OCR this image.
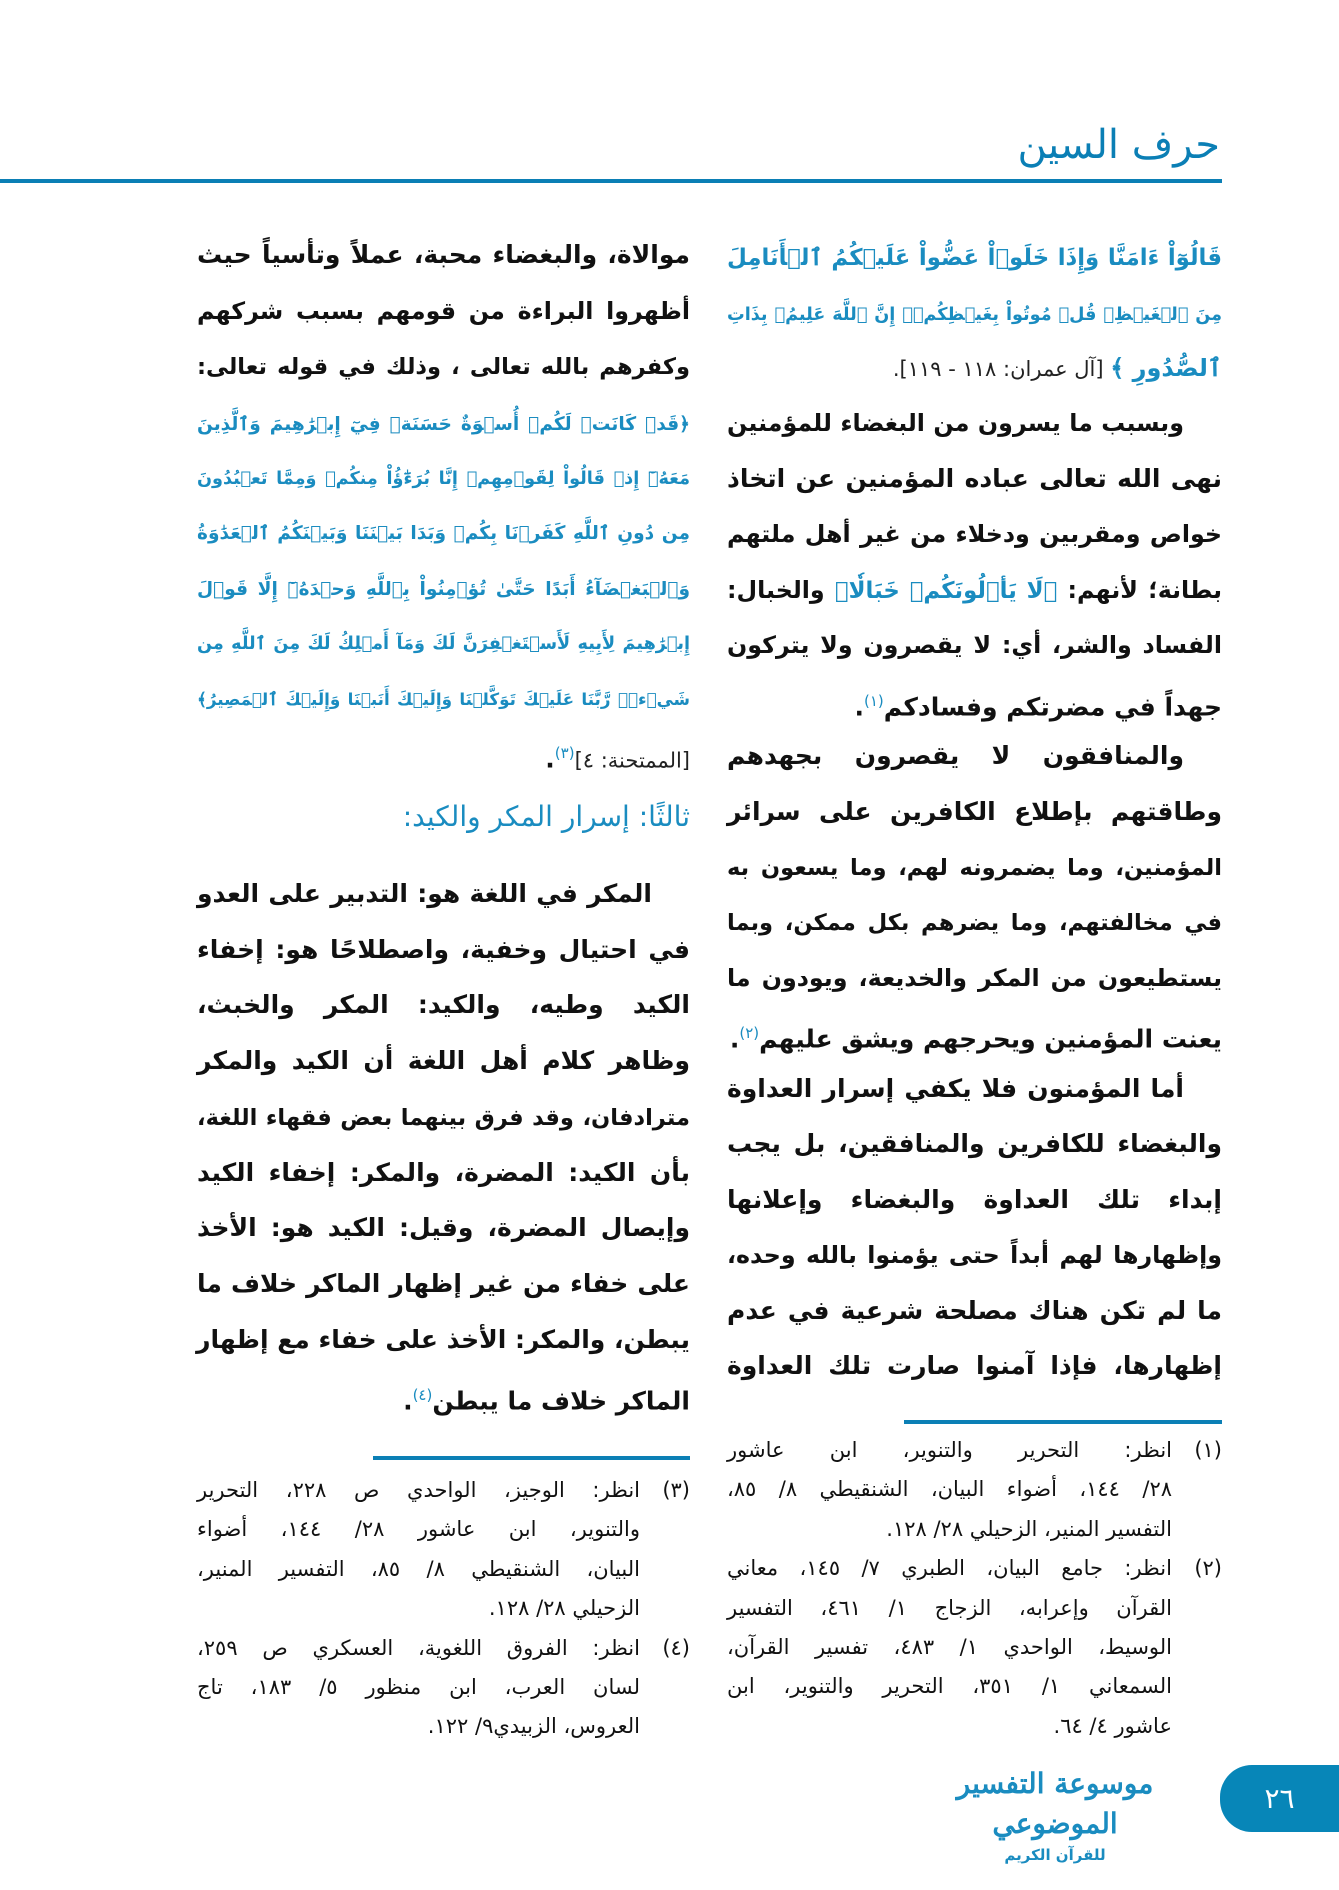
حرف السين
قَالُوٓاْ ءَامَنَّا وَإِذَا خَلَوۡاْ عَضُّواْ عَلَيۡكُمُ ٱلۡأَنَامِلَ
مِنَ ٱلۡغَيۡظِۚ قُلۡ مُوتُواْ بِغَيۡظِكُمۡۗ إِنَّ ٱللَّهَ عَلِيمُۢ بِذَاتِ
ٱلصُّدُورِ ﴾ [آل عمران: ١١٨ - ١١٩].
وبسبب ما يسرون من البغضاء للمؤمنين
نهى الله تعالى عباده المؤمنين عن اتخاذ
خواص ومقربين ودخلاء من غير أهل ملتهم
بطانة؛ لأنهم: ﴿لَا يَأۡلُونَكُمۡ خَبَالٗا﴾ والخبال:
الفساد والشر، أي: لا يقصرون ولا يتركون
جهداً في مضرتكم وفسادكم$^{(١)}$.
والمنافقون لا يقصرون بجهدهم
وطاقتهم بإطلاع الكافرين على سرائر
المؤمنين، وما يضمرونه لهم، وما يسعون به
في مخالفتهم، وما يضرهم بكل ممكن، وبما
يستطيعون من المكر والخديعة، ويودون ما
يعنت المؤمنين ويحرجهم ويشق عليهم$^{(٢)}$.
أما المؤمنون فلا يكفي إسرار العداوة
والبغضاء للكافرين والمنافقين، بل يجب
إبداء تلك العداوة والبغضاء وإعلانها
وإظهارها لهم أبداً حتى يؤمنوا بالله وحده،
ما لم تكن هناك مصلحة شرعية في عدم
إظهارها، فإذا آمنوا صارت تلك العداوة
ثالثًا: إسرار المكر والكيد:
موالاة، والبغضاء محبة، عملاً وتأسياً حيث
أظهروا البراءة من قومهم بسبب شركهم
وكفرهم بالله تعالى ، وذلك في قوله تعالى:
﴿قَدۡ كَانَتۡ لَكُمۡ أُسۡوَةٌ حَسَنَةٞ فِيٓ إِبۡرَٰهِيمَ وَٱلَّذِينَ
مَعَهُۥٓ إِذۡ قَالُواْ لِقَوۡمِهِمۡ إِنَّا بُرَءَٰٓؤُاْ مِنكُمۡ وَمِمَّا تَعۡبُدُونَ
مِن دُونِ ٱللَّهِ كَفَرۡنَا بِكُمۡ وَبَدَا بَيۡنَنَا وَبَيۡنَكُمُ ٱلۡعَدَٰوَةُ
وَٱلۡبَغۡضَآءُ أَبَدًا حَتَّىٰ تُؤۡمِنُواْ بِٱللَّهِ وَحۡدَهُۥٓ إِلَّا قَوۡلَ
إِبۡرَٰهِيمَ لِأَبِيهِ لَأَسۡتَغۡفِرَنَّ لَكَ وَمَآ أَمۡلِكُ لَكَ مِنَ ٱللَّهِ مِن
شَيۡءٖۖ رَّبَّنَا عَلَيۡكَ تَوَكَّلۡنَا وَإِلَيۡكَ أَنَبۡنَا وَإِلَيۡكَ ٱلۡمَصِيرُ﴾
[الممتحنة: ٤]$^{(٣)}$.
المكر في اللغة هو: التدبير على العدو
في احتيال وخفية، واصطلاحًا هو: إخفاء
الكيد وطيه، والكيد: المكر والخبث،
وظاهر كلام أهل اللغة أن الكيد والمكر
مترادفان، وقد فرق بينهما بعض فقهاء اللغة،
بأن الكيد: المضرة، والمكر: إخفاء الكيد
وإيصال المضرة، وقيل: الكيد هو: الأخذ
على خفاء من غير إظهار الماكر خلاف ما
يبطن، والمكر: الأخذ على خفاء مع إظهار
الماكر خلاف ما يبطن$^{(٤)}$.
(١)
انظر: التحرير والتنوير، ابن عاشور
٢٨/ ١٤٤، أضواء البيان، الشنقيطي ٨/ ٨٥،
التفسير المنير، الزحيلي ٢٨/ ١٢٨.
(٢)
انظر: جامع البيان، الطبري ٧/ ١٤٥، معاني
القرآن وإعرابه، الزجاج ١/ ٤٦١، التفسير
الوسيط، الواحدي ١/ ٤٨٣، تفسير القرآن،
السمعاني ١/ ٣٥١، التحرير والتنوير، ابن
عاشور ٤/ ٦٤.
(٣)
انظر: الوجيز، الواحدي ص ٢٢٨، التحرير
والتنوير، ابن عاشور ٢٨/ ١٤٤، أضواء
البيان، الشنقيطي ٨/ ٨٥، التفسير المنير،
الزحيلي ٢٨/ ١٢٨.
(٤)
انظر: الفروق اللغوية، العسكري ص ٢٥٩،
لسان العرب، ابن منظور ٥/ ١٨٣، تاج
العروس، الزبيدي٩/ ١٢٢.
موسوعة التفسير الموضوعي
للقرآن الكريم
٢٦
